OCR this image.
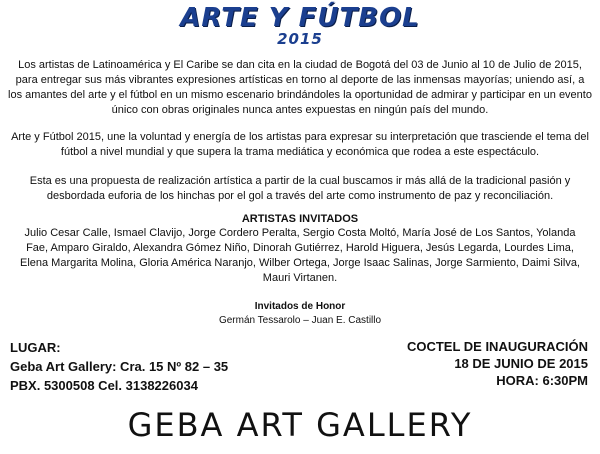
ARTE Y FÚTBOL
2015

Los artistas de Latinoamérica y El Caribe se dan cita en la ciudad de Bogotá del 03 de Junio al 10 de Julio de 2015, para entregar sus más vibrantes expresiones artísticas en torno al deporte de las inmensas mayorías; uniendo así, a los amantes del arte y el fútbol en un mismo escenario brindándoles la oportunidad de admirar y participar en un evento único con obras originales nunca antes expuestas en ningún país del mundo.

Arte y Fútbol 2015, une la voluntad y energía de los artistas para expresar su interpretación que trasciende el tema del fútbol a nivel mundial y que supera la trama mediática y económica que rodea a este espectáculo.

Esta es una propuesta de realización artística a partir de la cual buscamos ir más allá de la tradicional pasión y desbordada euforia de los hinchas por el gol a través del arte como instrumento de paz y reconciliación.

ARTISTAS INVITADOS

Julio Cesar Calle, Ismael Clavijo, Jorge Cordero Peralta, Sergio Costa Moltó, María José de Los Santos, Yolanda Fae, Amparo Giraldo, Alexandra Gómez Niño, Dinorah Gutiérrez, Harold Higuera, Jesús Legarda, Lourdes Lima, Elena Margarita Molina, Gloria América Naranjo, Wilber Ortega, Jorge Isaac Salinas, Jorge Sarmiento, Daimi Silva, Mauri Virtanen.

Invitados de Honor
Germán Tessarolo – Juan E. Castillo
LUGAR:
Geba Art Gallery: Cra. 15 Nº 82 – 35
PBX. 5300508 Cel. 3138226034
COCTEL DE INAUGURACIÓN
18 DE JUNIO DE 2015
HORA: 6:30PM
GEBA ART GALLERY
